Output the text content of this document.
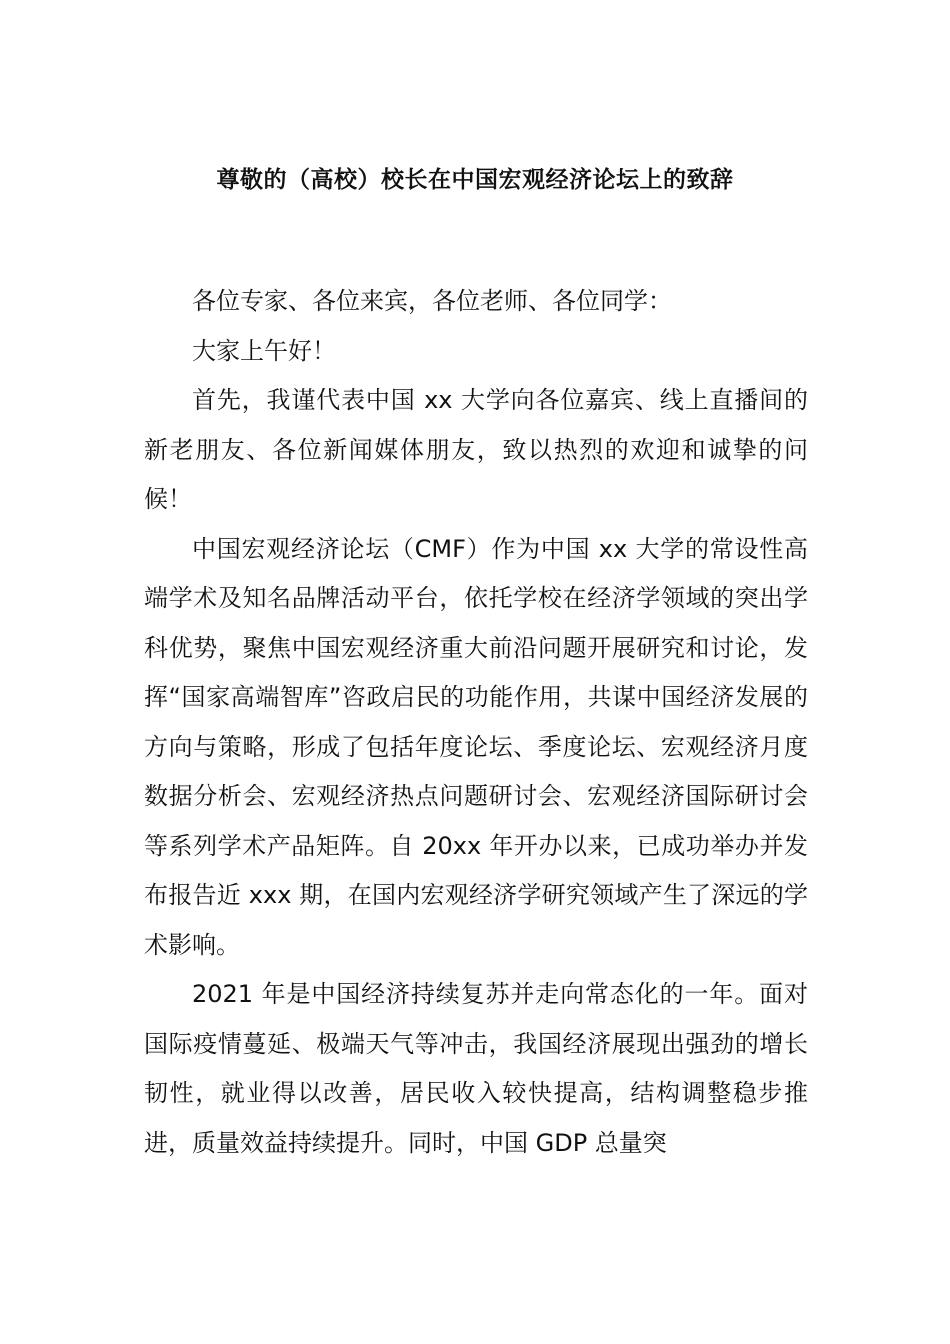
尊敬的（高校）校长在中国宏观经济论坛上的致辞

各位专家、各位来宾，各位老师、各位同学：

大家上午好！

首先，我谨代表中国 xx 大学向各位嘉宾、线上直播间的新老朋友、各位新闻媒体朋友，致以热烈的欢迎和诚挚的问候！

中国宏观经济论坛（CMF）作为中国 xx 大学的常设性高端学术及知名品牌活动平台，依托学校在经济学领域的突出学科优势，聚焦中国宏观经济重大前沿问题开展研究和讨论，发挥“国家高端智库”咨政启民的功能作用，共谋中国经济发展的方向与策略，形成了包括年度论坛、季度论坛、宏观经济月度数据分析会、宏观经济热点问题研讨会、宏观经济国际研讨会等系列学术产品矩阵。自 20xx 年开办以来，已成功举办并发布报告近 xxx 期，在国内宏观经济学研究领域产生了深远的学术影响。

2021 年是中国经济持续复苏并走向常态化的一年。面对国际疫情蔓延、极端天气等冲击，我国经济展现出强劲的增长韧性，就业得以改善，居民收入较快提高，结构调整稳步推进，质量效益持续提升。同时，中国 GDP 总量突
